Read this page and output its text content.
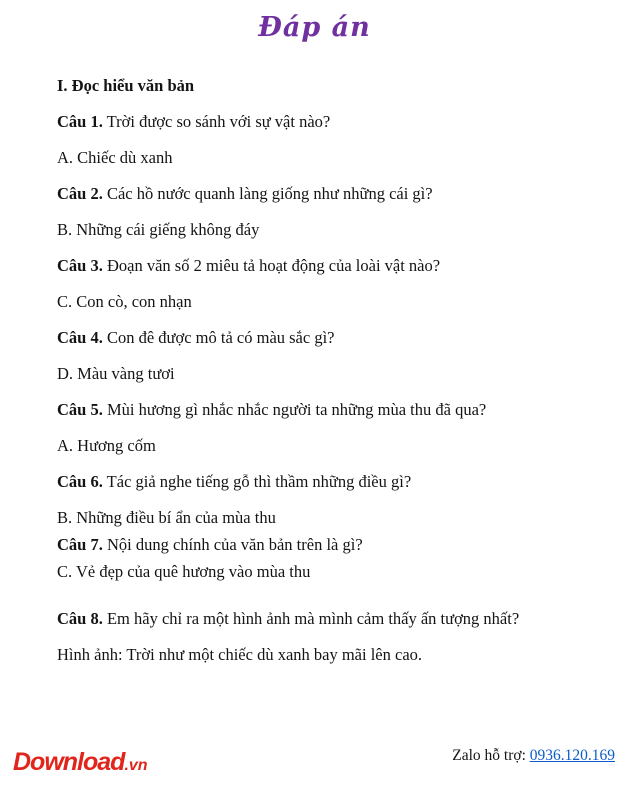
Đáp án
I. Đọc hiểu văn bản

Câu 1. Trời được so sánh với sự vật nào?

A. Chiếc dù xanh

Câu 2. Các hồ nước quanh làng giống như những cái gì?

B. Những cái giếng không đáy

Câu 3. Đoạn văn số 2 miêu tả hoạt động của loài vật nào?

C. Con cò, con nhạn

Câu 4. Con đê được mô tả có màu sắc gì?

D. Màu vàng tươi

Câu 5. Mùi hương gì nhắc nhắc người ta những mùa thu đã qua?

A. Hương cốm

Câu 6. Tác giả nghe tiếng gỗ thì thầm những điều gì?

B. Những điều bí ẩn của mùa thu

Câu 7. Nội dung chính của văn bản trên là gì?

C. Vẻ đẹp của quê hương vào mùa thu

Câu 8. Em hãy chỉ ra một hình ảnh mà mình cảm thấy ấn tượng nhất?

Hình ảnh: Trời như một chiếc dù xanh bay mãi lên cao.

Download.vn
Zalo hỗ trợ: 0936.120.169
